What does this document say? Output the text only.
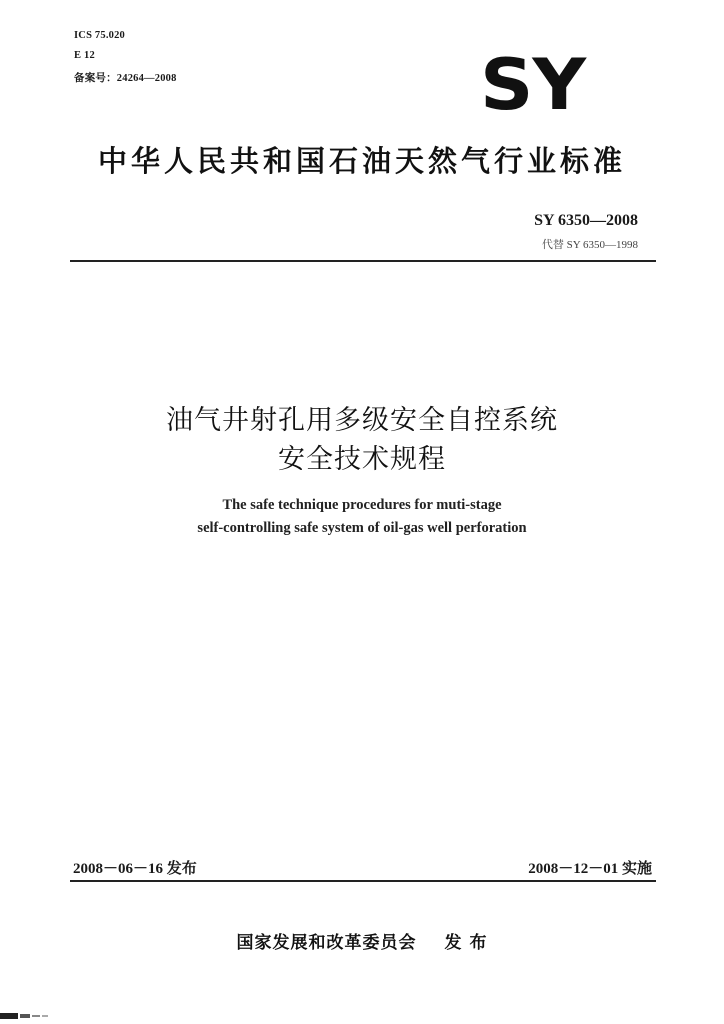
ICS 75.020
E 12
备案号：24264—2008	SY
中华人民共和国石油天然气行业标准
SY 6350—2008
代替 SY 6350—1998
油气井射孔用多级安全自控系统
安全技术规程
The safe technique procedures for muti-stage
self-controlling safe system of oil-gas well perforation
2008－06－16 发布	2008－12－01 实施
国家发展和改革委员会 发 布
